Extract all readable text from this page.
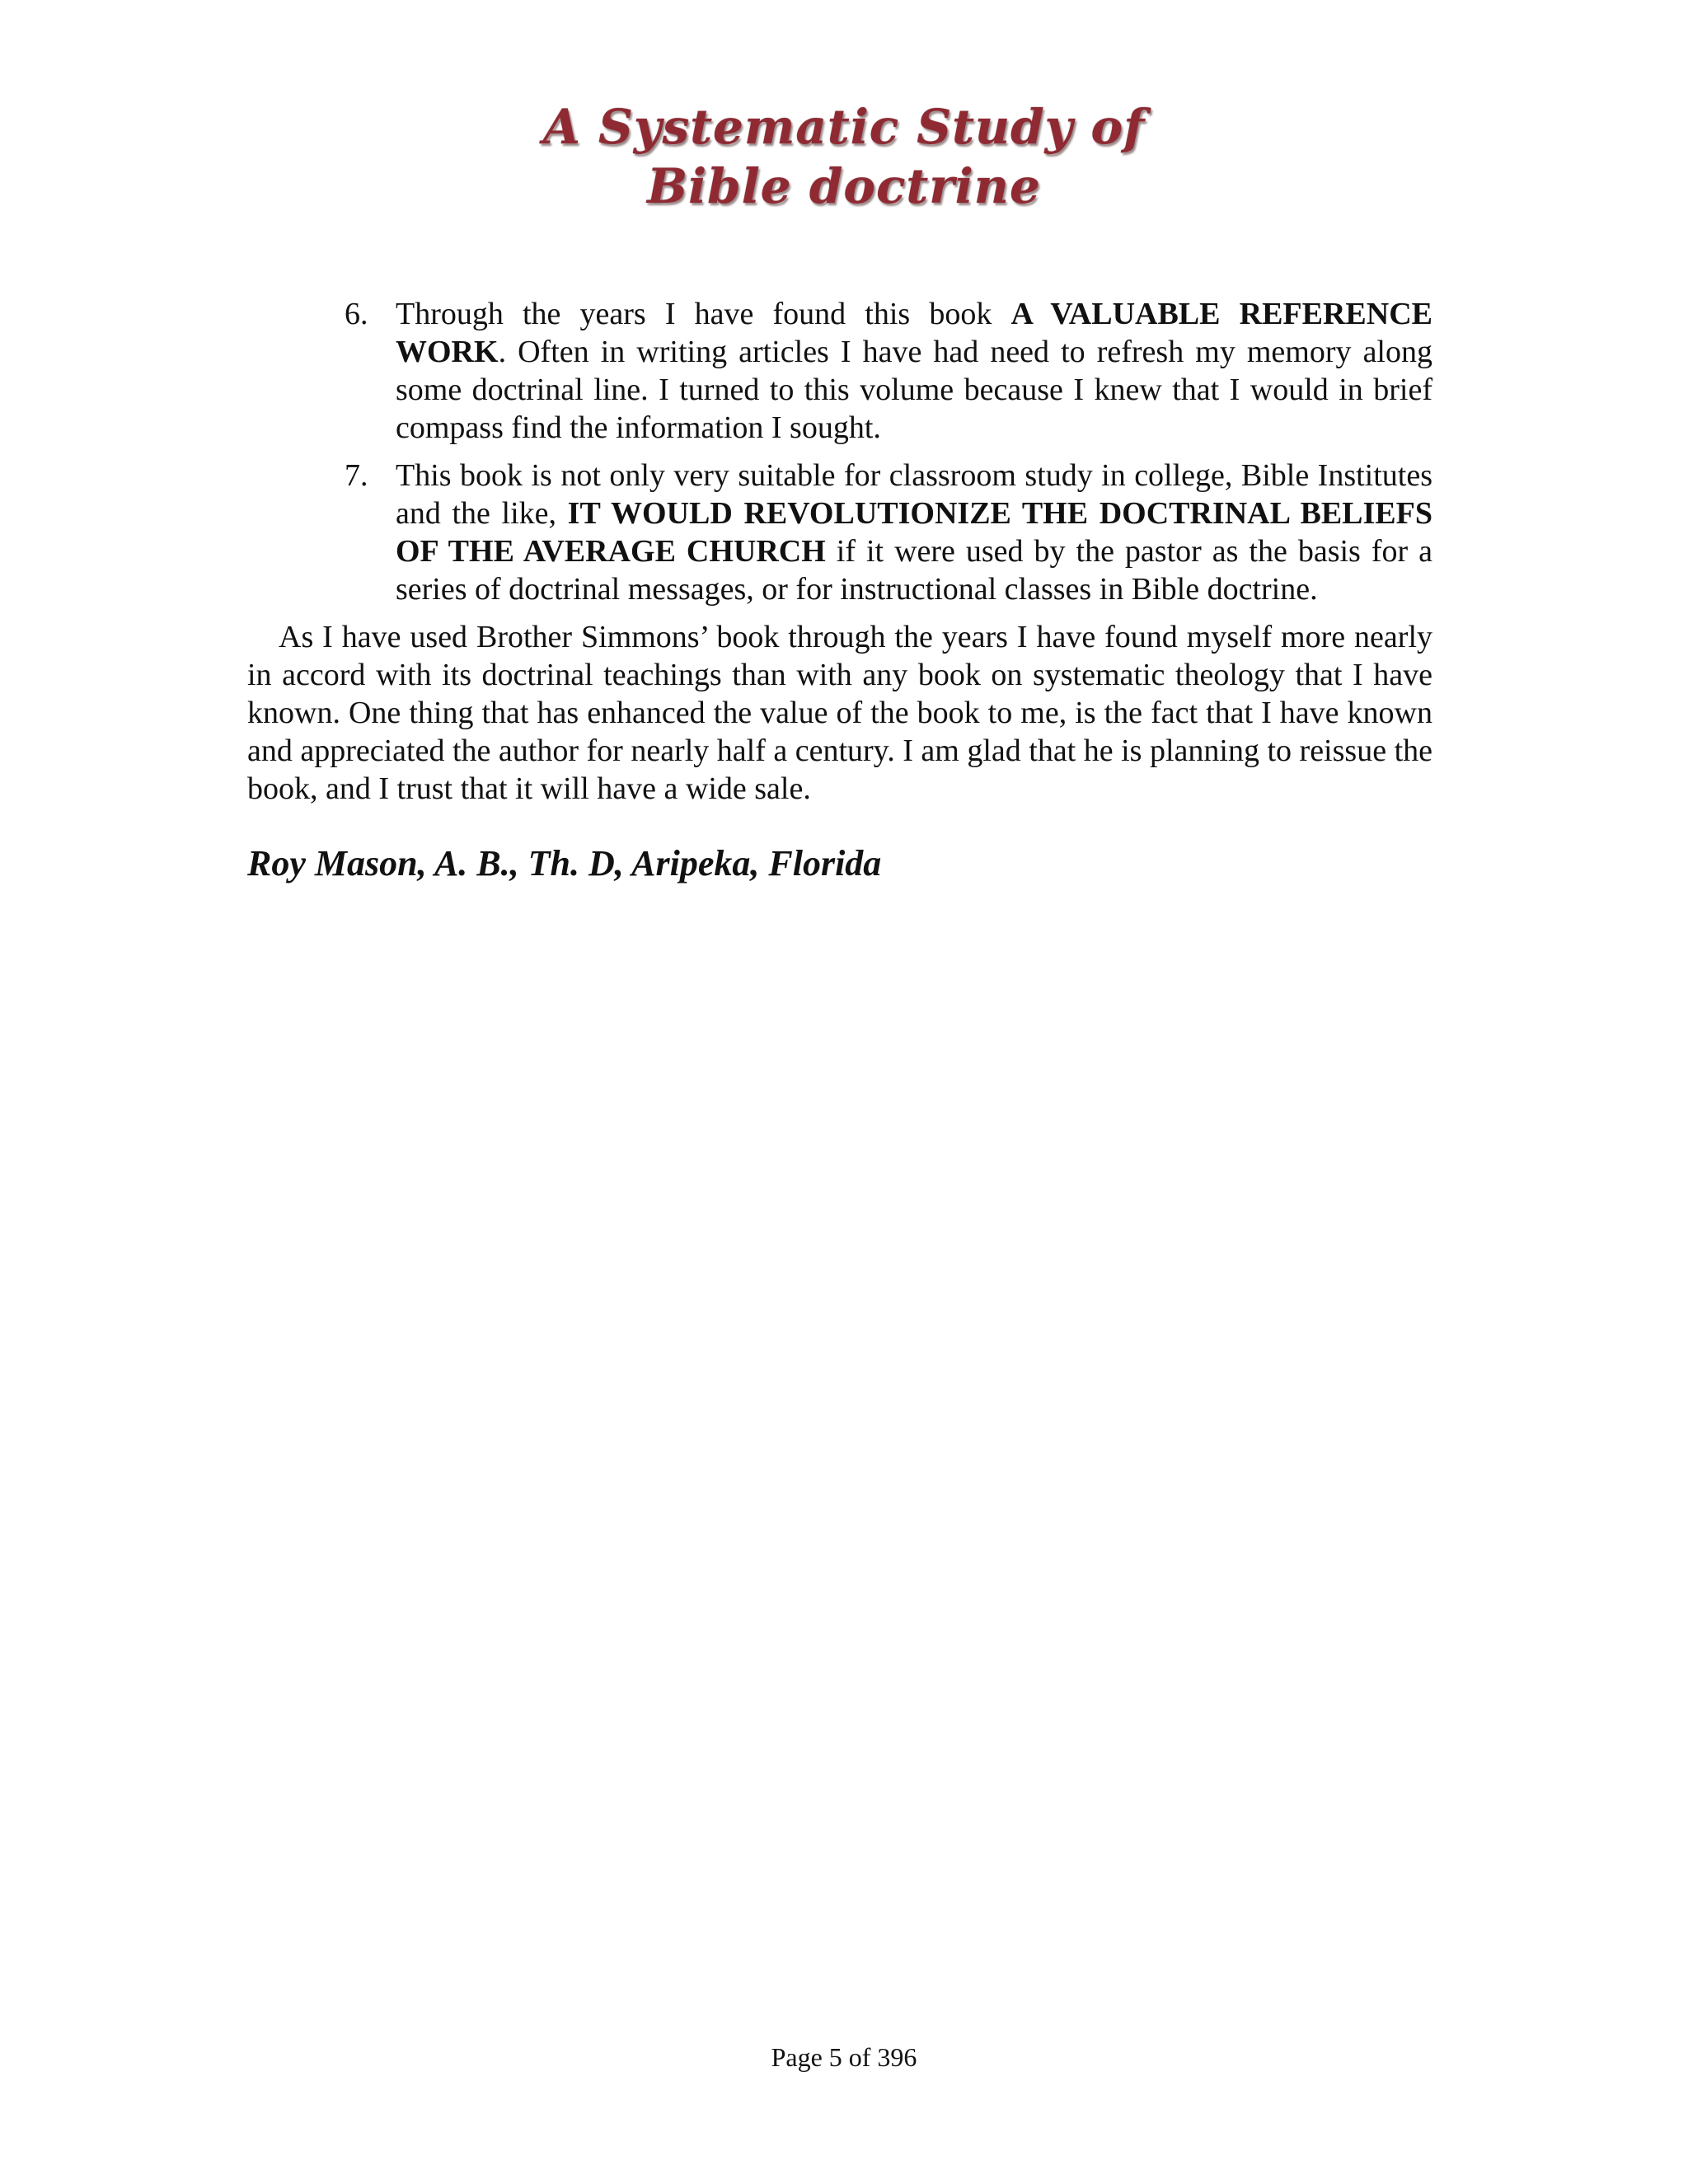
A Systematic Study of
Bible doctrine
6. Through the years I have found this book A VALUABLE REFERENCE WORK. Often in writing articles I have had need to refresh my memory along some doctrinal line. I turned to this volume because I knew that I would in brief compass find the information I sought.
7. This book is not only very suitable for classroom study in college, Bible Institutes and the like, IT WOULD REVOLUTIONIZE THE DOCTRINAL BELIEFS OF THE AVERAGE CHURCH if it were used by the pastor as the basis for a series of doctrinal messages, or for instructional classes in Bible doctrine.

As I have used Brother Simmons’ book through the years I have found myself more nearly in accord with its doctrinal teachings than with any book on systematic theology that I have known. One thing that has enhanced the value of the book to me, is the fact that I have known and appreciated the author for nearly half a century. I am glad that he is planning to reissue the book, and I trust that it will have a wide sale.

Roy Mason, A. B., Th. D, Aripeka, Florida
Page 5 of 396
